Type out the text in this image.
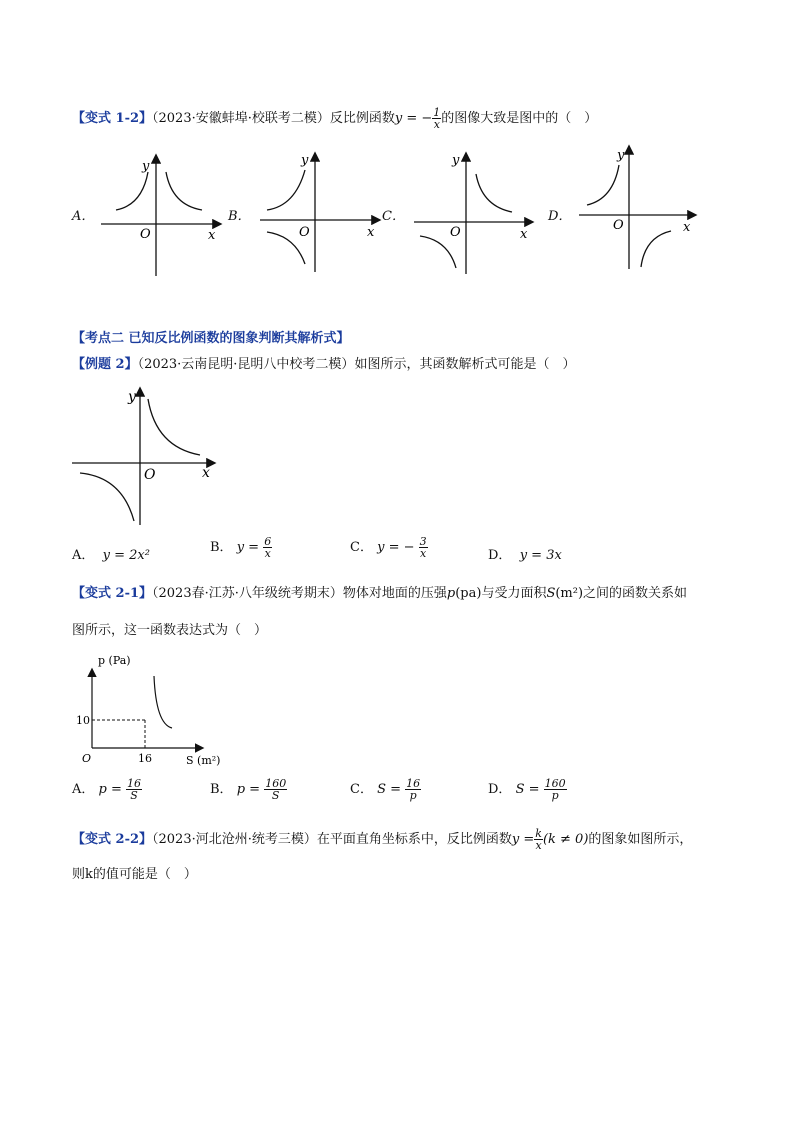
【变式 1-2】（2023·安徽蚌埠·校联考二模）反比例函数y = − $\frac{1}{x}$ 的图像大致是图中的（　）
A．
y
O	x
B．
y
O	x
C．
y
O	x
D．
y
O	x
【考点二 已知反比例函数的图象判断其解析式】
【例题 2】（2023·云南昆明·昆明八中校考二模）如图所示，其函数解析式可能是（　）
y
O	x
A． y = 2x²
B． $y = \frac{6}{x}$	C． y = − $\frac{3}{x}$	D． y = 3x
【变式 2-1】（2023春·江苏·八年级统考期末）物体对地面的压强p(pa)与受力面积S(m²)之间的函数关系如
图所示，这一函数表达式为（　）
p (Pa)
10
16
O	S (m²)
A． $p = \frac{16}{S}$	B． $p = \frac{160}{S}$	C． $S = \frac{16}{p}$	D． $S = \frac{160}{p}$
【变式 2-2】（2023·河北沧州·统考三模）在平面直角坐标系中，反比例函数$y = \frac{k}{x} (k \ne 0)$的图象如图所示，
则k的值可能是（　）
